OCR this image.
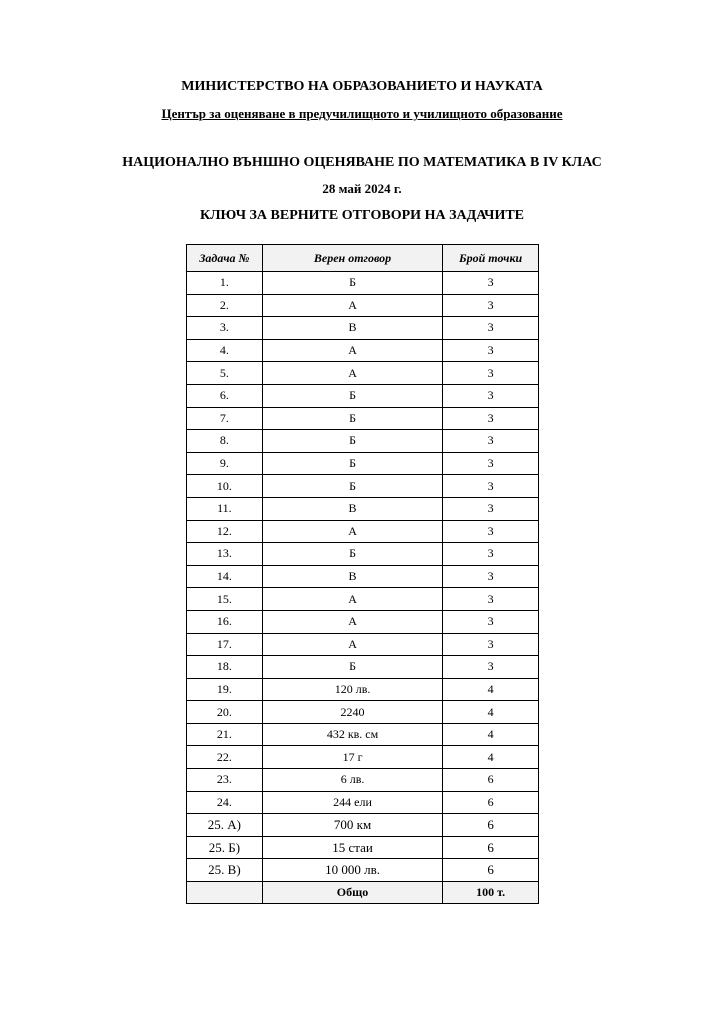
МИНИСТЕРСТВО НА ОБРАЗОВАНИЕТО И НАУКАТА
Център за оценяване в предучилищното и училищното образование
НАЦИОНАЛНО ВЪНШНО ОЦЕНЯВАНЕ ПО МАТЕМАТИКА В IV КЛАС
28 май 2024 г.
КЛЮЧ ЗА ВЕРНИТЕ ОТГОВОРИ НА ЗАДАЧИТЕ
Задача №	Верен отговор	Брой точки
1.	Б	3
2.	А	3
3.	В	3
4.	А	3
5.	А	3
6.	Б	3
7.	Б	3
8.	Б	3
9.	Б	3
10.	Б	3
11.	В	3
12.	А	3
13.	Б	3
14.	В	3
15.	А	3
16.	А	3
17.	А	3
18.	Б	3
19.	120 лв.	4
20.	2240	4
21.	432 кв. см	4
22.	17 г	4
23.	6 лв.	6
24.	244 ели	6
25. А)	700 км	6
25. Б)	15 стаи	6
25. В)	10 000 лв.	6
	Общо	100 т.
